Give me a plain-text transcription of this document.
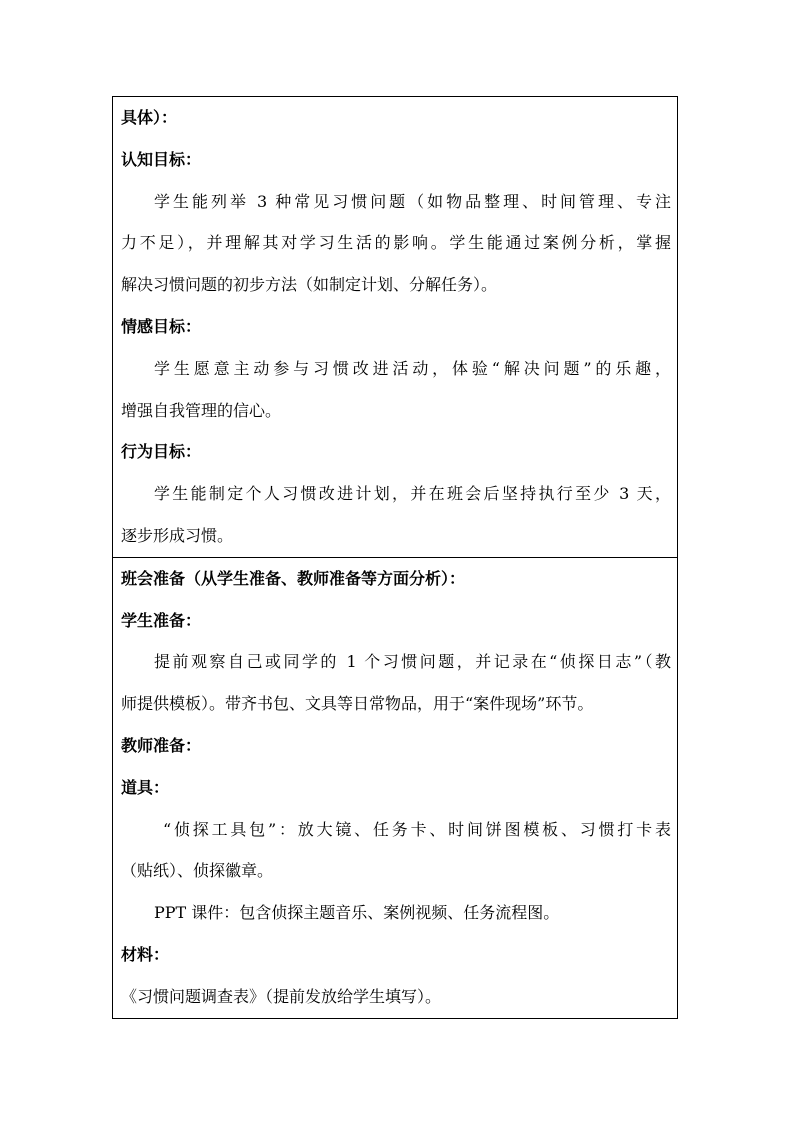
具体）：
认知目标：
学生能列举 3 种常见习惯问题（如物品整理、时间管理、专注
力不足），并理解其对学习生活的影响。学生能通过案例分析，掌握
解决习惯问题的初步方法（如制定计划、分解任务）。
情感目标：
学生愿意主动参与习惯改进活动，体验“解决问题”的乐趣，
增强自我管理的信心。
行为目标：
学生能制定个人习惯改进计划，并在班会后坚持执行至少 3 天，
逐步形成习惯。
班会准备（从学生准备、教师准备等方面分析）：
学生准备：
提前观察自己或同学的 1 个习惯问题，并记录在“侦探日志”（教
师提供模板）。带齐书包、文具等日常物品，用于“案件现场”环节。
教师准备：
道具：
“侦探工具包”：放大镜、任务卡、时间饼图模板、习惯打卡表
（贴纸）、侦探徽章。
PPT 课件：包含侦探主题音乐、案例视频、任务流程图。
材料：
《习惯问题调查表》（提前发放给学生填写）。
